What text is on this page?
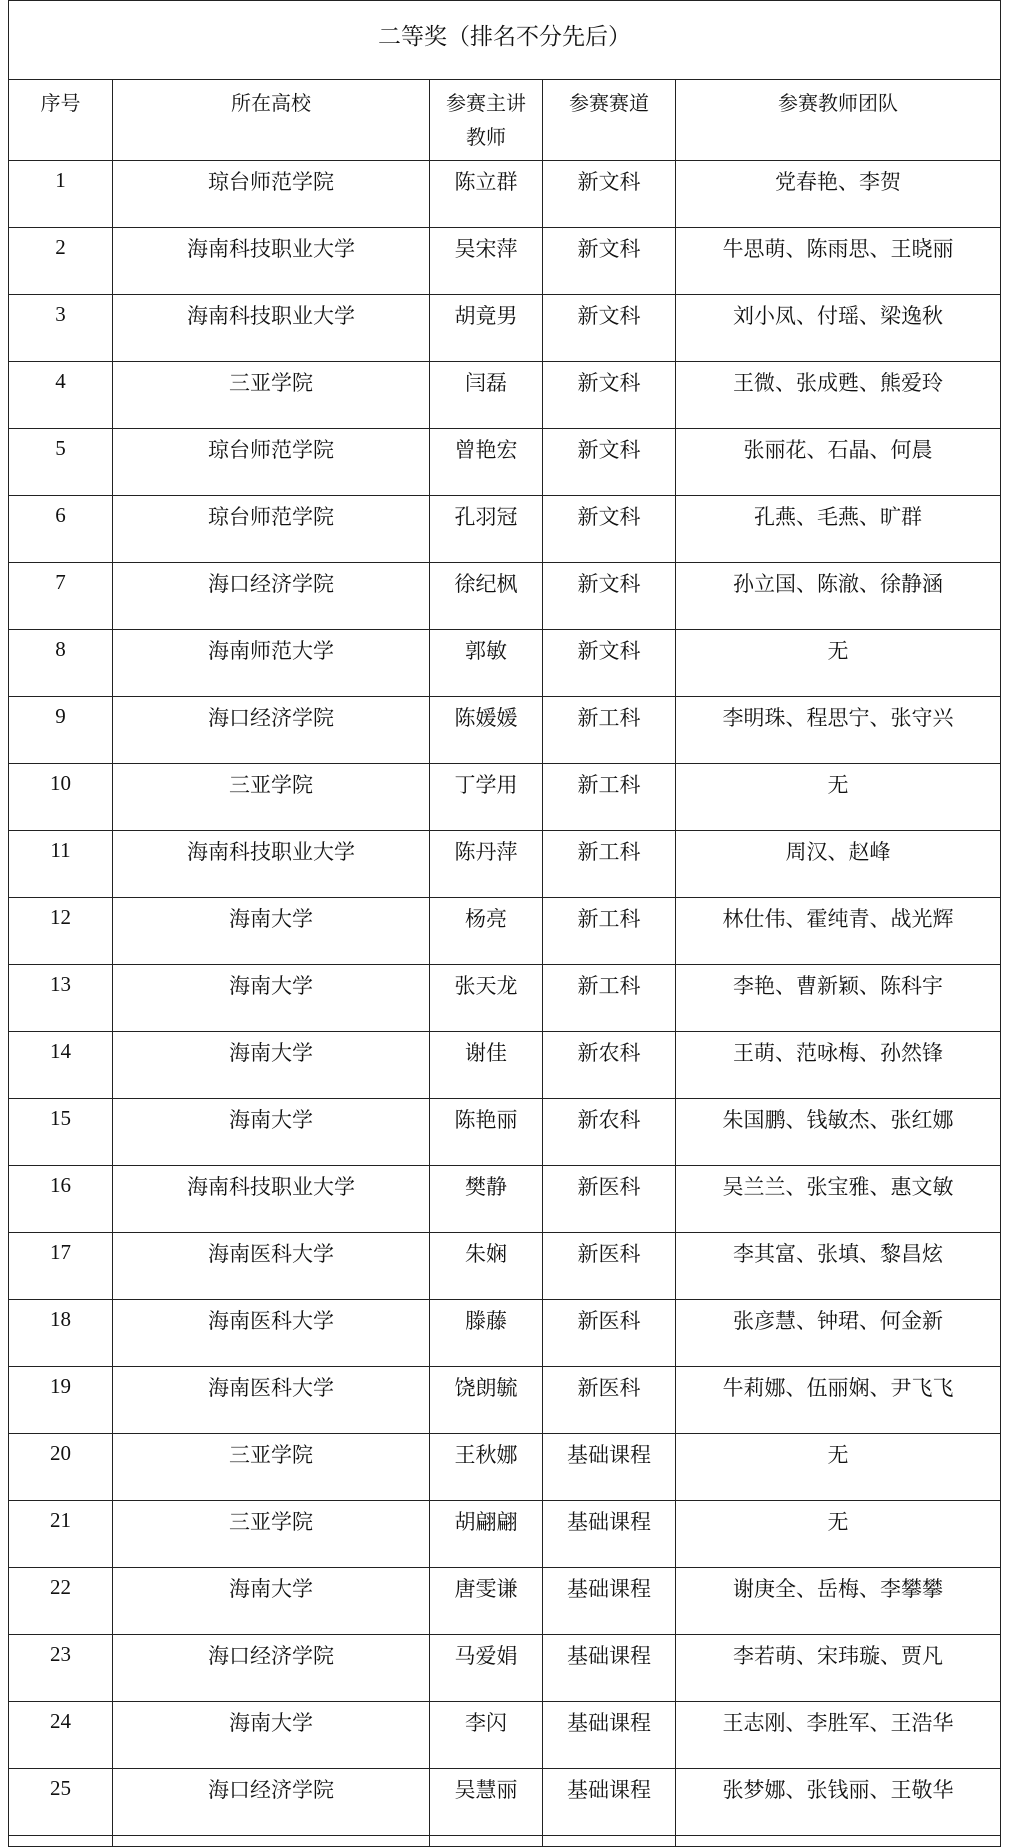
二等奖（排名不分先后）				
序号	所在高校	参赛主讲教师	参赛赛道	参赛教师团队
1	琼台师范学院	陈立群	新文科	党春艳、李贺
2	海南科技职业大学	吴宋萍	新文科	牛思萌、陈雨思、王晓丽
3	海南科技职业大学	胡竟男	新文科	刘小凤、付瑶、梁逸秋
4	三亚学院	闫磊	新文科	王微、张成甦、熊爱玲
5	琼台师范学院	曾艳宏	新文科	张丽花、石晶、何晨
6	琼台师范学院	孔羽冠	新文科	孔燕、毛燕、旷群
7	海口经济学院	徐纪枫	新文科	孙立国、陈澈、徐静涵
8	海南师范大学	郭敏	新文科	无
9	海口经济学院	陈媛媛	新工科	李明珠、程思宁、张守兴
10	三亚学院	丁学用	新工科	无
11	海南科技职业大学	陈丹萍	新工科	周汉、赵峰
12	海南大学	杨亮	新工科	林仕伟、霍纯青、战光辉
13	海南大学	张天龙	新工科	李艳、曹新颖、陈科宇
14	海南大学	谢佳	新农科	王萌、范咏梅、孙然锋
15	海南大学	陈艳丽	新农科	朱国鹏、钱敏杰、张红娜
16	海南科技职业大学	樊静	新医科	吴兰兰、张宝雅、惠文敏
17	海南医科大学	朱娴	新医科	李其富、张填、黎昌炫
18	海南医科大学	滕藤	新医科	张彦慧、钟珺、何金新
19	海南医科大学	饶朗毓	新医科	牛莉娜、伍丽娴、尹飞飞
20	三亚学院	王秋娜	基础课程	无
21	三亚学院	胡翩翩	基础课程	无
22	海南大学	唐雯谦	基础课程	谢庚全、岳梅、李攀攀
23	海口经济学院	马爱娟	基础课程	李若萌、宋玮璇、贾凡
24	海南大学	李闪	基础课程	王志刚、李胜军、王浩华
25	海口经济学院	吴慧丽	基础课程	张梦娜、张钱丽、王敬华
